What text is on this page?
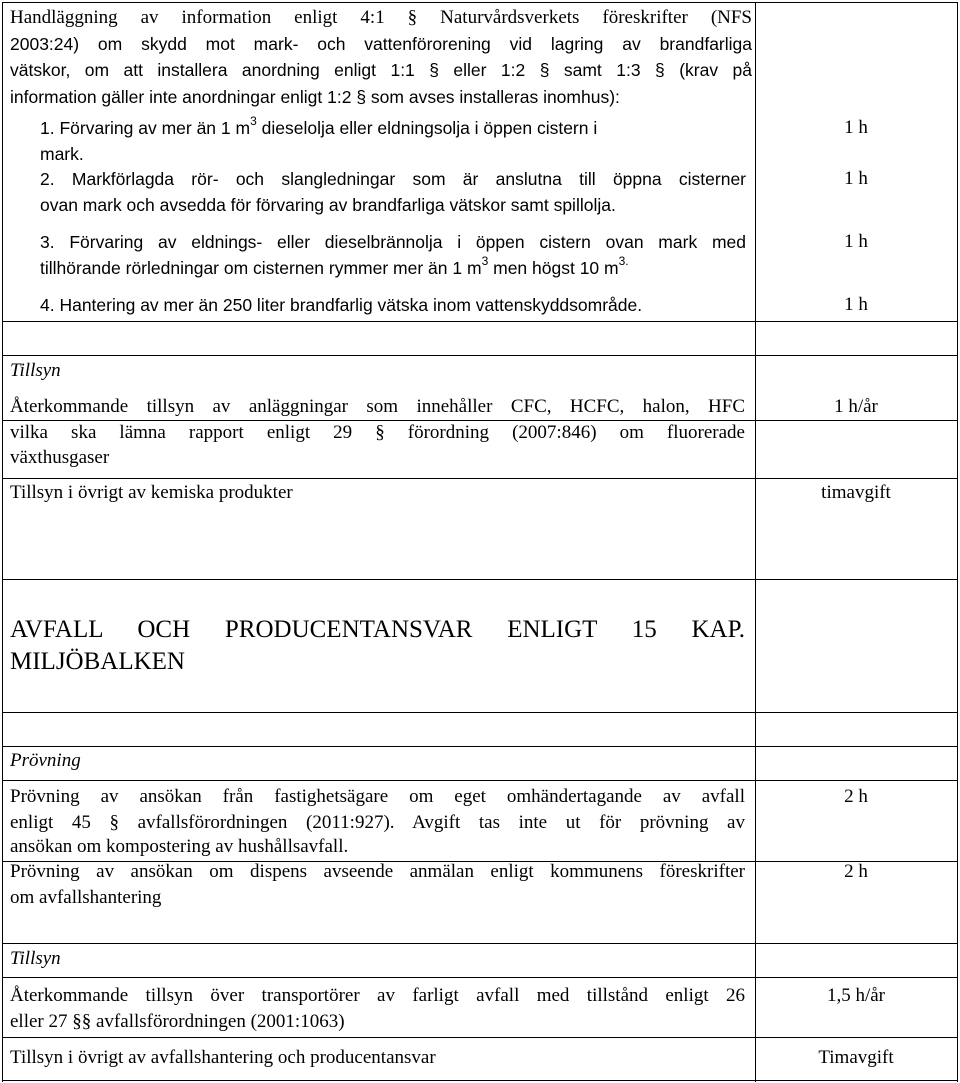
Handläggning av information enligt 4:1 § Naturvårdsverkets föreskrifter (NFS
2003:24) om skydd mot mark- och vattenförorening vid lagring av brandfarliga
vätskor, om att installera anordning enligt 1:1 § eller 1:2 § samt 1:3 § (krav på
information gäller inte anordningar enligt 1:2 § som avses installeras inomhus):
1. Förvaring av mer än 1 $m^3$ dieselolja eller eldningsolja i öppen cistern i
mark.
1 h
2. Markförlagda rör- och slangledningar som är anslutna till öppna cisterner
ovan mark och avsedda för förvaring av brandfarliga vätskor samt spillolja.
1 h
3. Förvaring av eldnings- eller dieselbrännolja i öppen cistern ovan mark med
tillhörande rörledningar om cisternen rymmer mer än 1 $m^3$ men högst 10 $m^{3.}$
1 h
4. Hantering av mer än 250 liter brandfarlig vätska inom vattenskyddsområde.	1 h
Tillsyn
Återkommande tillsyn av anläggningar som innehåller CFC, HCFC, halon, HFC
vilka ska lämna rapport enligt 29 § förordning (2007:846) om fluorerade
växthusgaser
1 h/år
Tillsyn i övrigt av kemiska produkter	timavgift
AVFALL OCH PRODUCENTANSVAR ENLIGT 15 KAP.
MILJÖBALKEN
Prövning
Prövning av ansökan från fastighetsägare om eget omhändertagande av avfall
enligt 45 § avfallsförordningen (2011:927). Avgift tas inte ut för prövning av
ansökan om kompostering av hushållsavfall.
2 h
Prövning av ansökan om dispens avseende anmälan enligt kommunens föreskrifter
om avfallshantering
2 h
Tillsyn
Återkommande tillsyn över transportörer av farligt avfall med tillstånd enligt 26
eller 27 §§ avfallsförordningen (2001:1063)
1,5 h/år
Tillsyn i övrigt av avfallshantering och producentansvar	Timavgift
